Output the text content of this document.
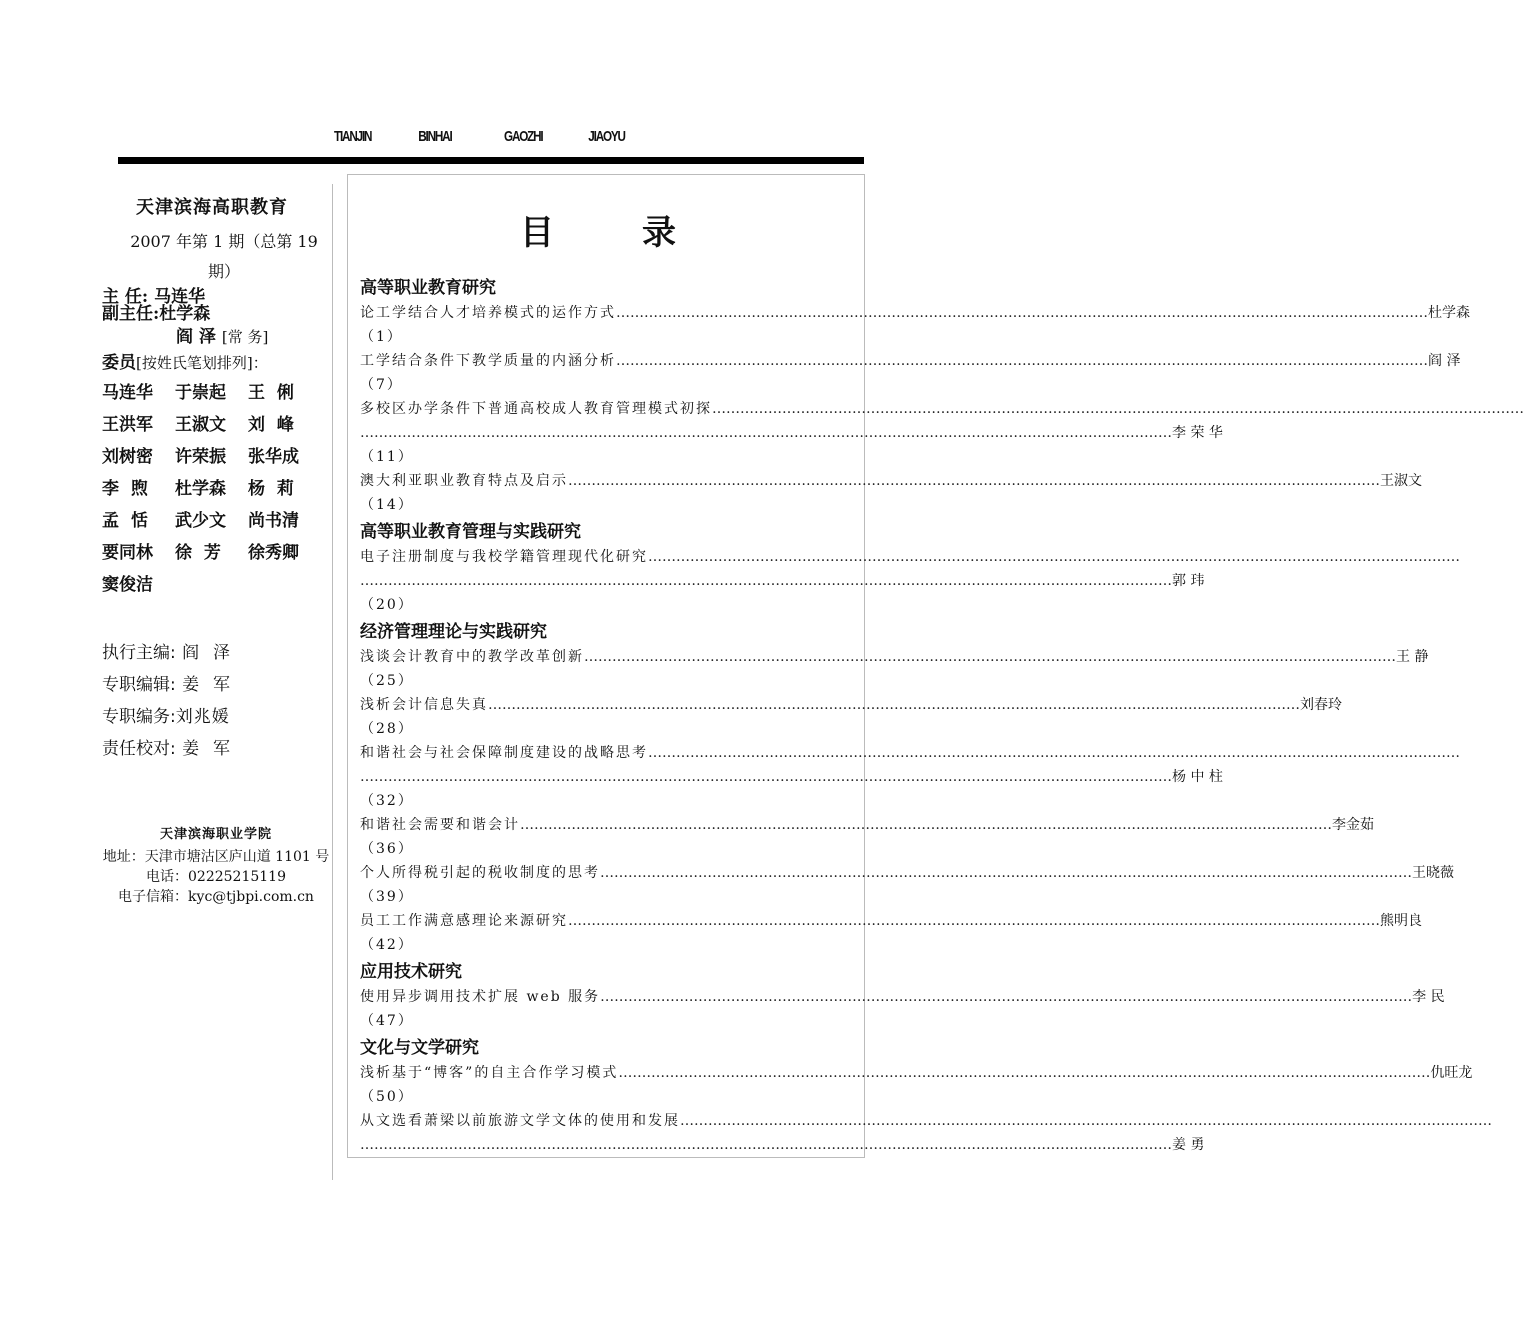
TIANJIN	BINHAI	GAOZHI	JIAOYU
天津滨海高职教育
2007 年第 1 期（总第 19 期）
主 任: 马连华
副主任:杜学森
阎 泽 [常 务]
委员[按姓氏笔划排列]：
马连华	于崇起	王  俐
王洪军	王淑文	刘  峰
刘树密	许荣振	张华成
李  煦	杜学森	杨  莉
孟  恬	武少文	尚书清
要同林	徐  芳	徐秀卿
窦俊洁
执行主编: 阎  泽
专职编辑: 姜  军
专职编务:刘兆媛
责任校对: 姜  军
天津滨海职业学院
地址：天津市塘沽区庐山道 1101 号
电话：02225215119
电子信箱：kyc@tjbpi.com.cn
目录
高等职业教育研究
论工学结合人才培养模式的运作方式 …………………………………………………………………………………………………………………………………………………………	杜学森
（1）
工学结合条件下教学质量的内涵分析 …………………………………………………………………………………………………………………………………………………………	阎 泽
（7）
多校区办学条件下普通高校成人教育管理模式初探
…………………………………………………………………………………………………………………………………………………………
…………………………………………………………………………………………………………………………………………………………
李 荣 华
（11）
澳大利亚职业教育特点及启示 …………………………………………………………………………………………………………………………………………………………	王淑文
（14）
高等职业教育管理与实践研究
电子注册制度与我校学籍管理现代化研究
…………………………………………………………………………………………………………………………………………………………
…………………………………………………………………………………………………………………………………………………………
郭 玮
（20）
经济管理理论与实践研究
浅谈会计教育中的教学改革创新 …………………………………………………………………………………………………………………………………………………………	王 静
（25）
浅析会计信息失真 …………………………………………………………………………………………………………………………………………………………	刘春玲
（28）
和谐社会与社会保障制度建设的战略思考
…………………………………………………………………………………………………………………………………………………………
…………………………………………………………………………………………………………………………………………………………
杨 中 柱
（32）
和谐社会需要和谐会计 …………………………………………………………………………………………………………………………………………………………	李金茹
（36）
个人所得税引起的税收制度的思考 …………………………………………………………………………………………………………………………………………………………	王晓薇
（39）
员工工作满意感理论来源研究 …………………………………………………………………………………………………………………………………………………………	熊明良
（42）
应用技术研究
使用异步调用技术扩展 web 服务 …………………………………………………………………………………………………………………………………………………………	李 民
（47）
文化与文学研究
浅析基于“博客”的自主合作学习模式 …………………………………………………………………………………………………………………………………………………………	仇旺龙
（50）
从文选看萧梁以前旅游文学文体的使用和发展
…………………………………………………………………………………………………………………………………………………………
…………………………………………………………………………………………………………………………………………………………
姜 勇
